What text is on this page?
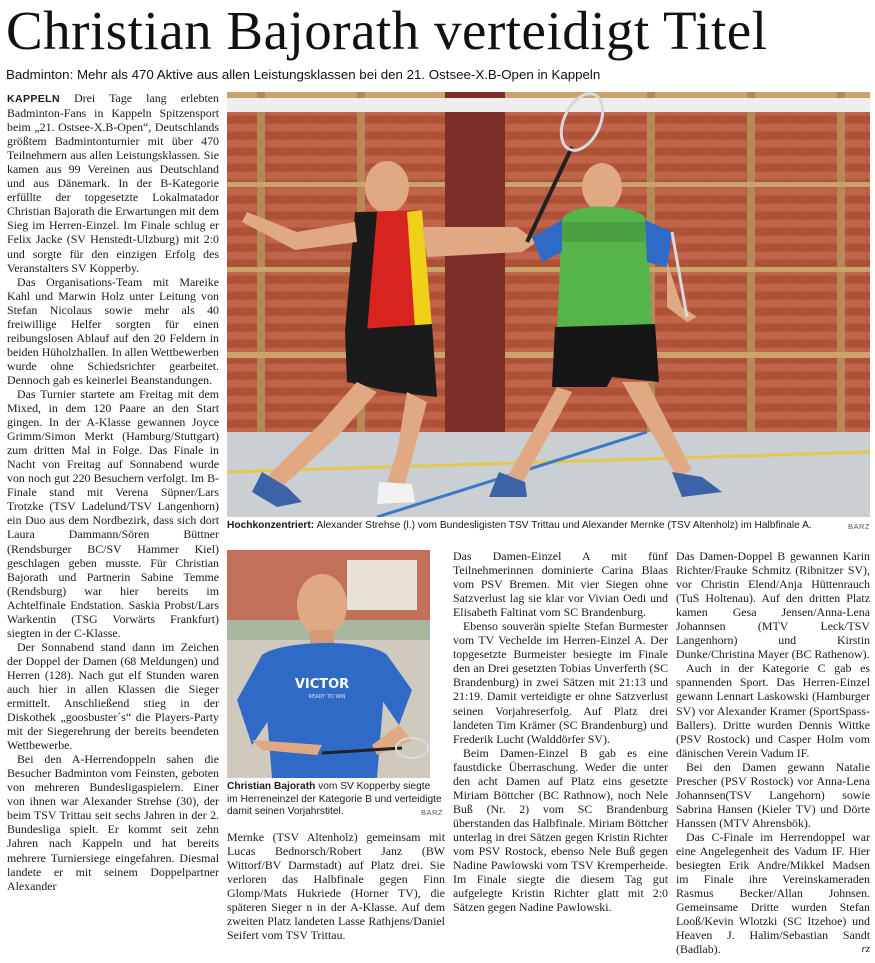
Christian Bajorath verteidigt Titel
Badminton: Mehr als 470 Aktive aus allen Leistungsklassen bei den 21. Ostsee-X.B-Open in Kappeln

KAPPELN Drei Tage lang erlebten Badminton-Fans in Kappeln Spitzensport beim „21. Ostsee-X.B-Open“, Deutschlands größtem Badmintonturnier mit über 470 Teilnehmern aus allen Leistungsklassen. Sie kamen aus 99 Vereinen aus Deutschland und aus Dänemark. In der B-Kategorie erfüllte der topgesetzte Lokalmatador Christian Bajorath die Erwartungen mit dem Sieg im Herren-Einzel. Im Finale schlug er Felix Jacke (SV Henstedt-Ulzburg) mit 2:0 und sorgte für den einzigen Erfolg des Veranstalters SV Kopperby.

Das Organisations-Team mit Mareike Kahl und Marwin Holz unter Leitung von Stefan Nicolaus sowie mehr als 40 freiwillige Helfer sorgten für einen reibungslosen Ablauf auf den 20 Feldern in beiden Hüholzhallen. In allen Wettbewerben wurde ohne Schiedsrichter gearbeitet. Dennoch gab es keinerlei Beanstandungen.

Das Turnier startete am Freitag mit dem Mixed, in dem 120 Paare an den Start gingen. In der A-Klasse gewannen Joyce Grimm/Simon Merkt (Hamburg/Stuttgart) zum dritten Mal in Folge. Das Finale in Nacht von Freitag auf Sonnabend wurde von noch gut 220 Besuchern verfolgt. Im B-Finale stand mit Verena Süpner/Lars Trotzke (TSV Ladelund/TSV Langenhorn) ein Duo aus dem Nordbezirk, dass sich dort Laura Dammann/Sören Büttner (Rendsburger BC/SV Hammer Kiel) geschlagen geben musste. Für Christian Bajorath und Partnerin Sabine Temme (Rendsburg) war hier bereits im Achtelfinale Endstation. Saskia Probst/Lars Warkentin (TSG Vorwärts Frankfurt) siegten in der C-Klasse.

Der Sonnabend stand dann im Zeichen der Doppel der Damen (68 Meldungen) und Herren (128). Nach gut elf Stunden waren auch hier in allen Klassen die Sieger ermittelt. Anschließend stieg in der Diskothek „goosbuster´s“ die Players-Party mit der Siegerehrung der bereits beendeten Wettbewerbe.

Bei den A-Herrendoppeln sahen die Besucher Badminton vom Feinsten, geboten von mehreren Bundesligaspielern. Einer von ihnen war Alexander Strehse (30), der beim TSV Trittau seit sechs Jahren in der 2. Bundesliga spielt. Er kommt seit zehn Jahren nach Kappeln und hat bereits mehrere Turniersiege eingefahren. Diesmal landete er mit seinem Doppelpartner Alexander

Hochkonzentriert: Alexander Strehse (l.) vom Bundesligisten TSV Trittau und Alexander Mernke (TSV Altenholz) im Halbfinale A.	BARZ
VICTOR
READY TO WIN
Christian Bajorath vom SV Kopperby siegte im Herreneinzel der Kategorie B und verteidigte damit seinen Vorjahrstitel.	BARZ

Mernke (TSV Altenholz) gemeinsam mit Lucas Bednorsch/Robert Janz (BW Wittorf/BV Darmstadt) auf Platz drei. Sie verloren das Halbfinale gegen Finn Glomp/Mats Hukriede (Horner TV), die späteren Sieger n in der A-Klasse. Auf dem zweiten Platz landeten Lasse Rathjens/Daniel Seifert vom TSV Trittau.

Das Damen-Einzel A mit fünf Teilnehmerinnen dominierte Carina Blaas vom PSV Bremen. Mit vier Siegen ohne Satzverlust lag sie klar vor Vivian Oedi und Elisabeth Faltinat vom SC Brandenburg.

Ebenso souverän spielte Stefan Burmester vom TV Vechelde im Herren-Einzel A. Der topgesetzte Burmeister besiegte im Finale den an Drei gesetzten Tobias Unverferth (SC Brandenburg) in zwei Sätzen mit 21:13 und 21:19. Damit verteidigte er ohne Satzverlust seinen Vorjahreserfolg. Auf Platz drei landeten Tim Krämer (SC Brandenburg) und Frederik Lucht (Walddörfer SV).

Beim Damen-Einzel B gab es eine faustdicke Überraschung. Weder die unter den acht Damen auf Platz eins gesetzte Miriam Böttcher (BC Rathnow), noch Nele Buß (Nr. 2) vom SC Brandenburg überstanden das Halbfinale. Miriam Böttcher unterlag in drei Sätzen gegen Kristin Richter vom PSV Rostock, ebenso Nele Buß gegen Nadine Pawlowski vom TSV Kremperheide. Im Finale siegte die diesem Tag gut aufgelegte Kristin Richter glatt mit 2:0 Sätzen gegen Nadine Pawlowski.

Das Damen-Doppel B gewannen Karin Richter/Frauke Schmitz (Ribnitzer SV), vor Christin Elend/Anja Hüttenrauch (TuS Holtenau). Auf den dritten Platz kamen Gesa Jensen/Anna-Lena Johannsen (MTV Leck/TSV Langenhorn) und Kirstin Dunke/Christina Mayer (BC Rathenow).

Auch in der Kategorie C gab es spannenden Sport. Das Herren-Einzel gewann Lennart Laskowski (Hamburger SV) vor Alexander Kramer (SportSpass-Ballers). Dritte wurden Dennis Wittke (PSV Rostock) und Casper Holm vom dänischen Verein Vadum IF.

Bei den Damen gewann Natalie Prescher (PSV Rostock) vor Anna-Lena Johannsen(TSV Langehorn) sowie Sabrina Hansen (Kieler TV) und Dörte Hanssen (MTV Ahrensbök).

Das C-Finale im Herrendoppel war eine Angelegenheit des Vadum IF. Hier besiegten Erik Andre/Mikkel Madsen im Finale ihre Vereinskameraden Rasmus Becker/Allan Johnsen. Gemeinsame Dritte wurden Stefan Looß/Kevin Wlotzki (SC Itzehoe) und Heaven J. Halim/Sebastian Sandt (Badlab).	rz
